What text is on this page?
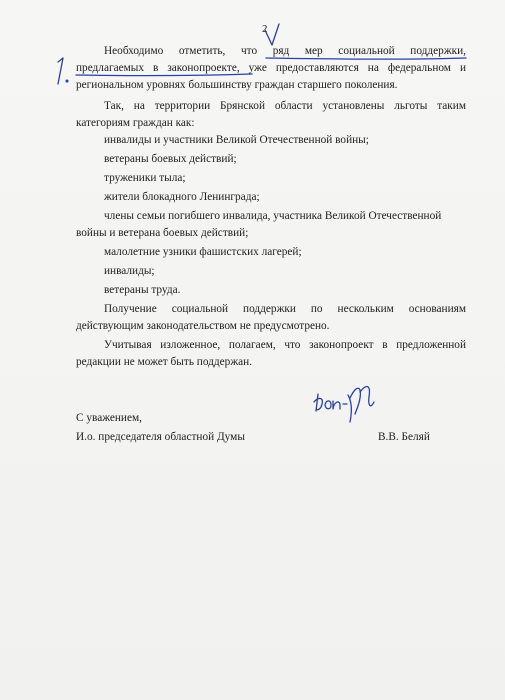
2
Необходимо отметить, что ряд мер социальной поддержки,
предлагаемых в законопроекте, уже предоставляются на федеральном и
региональном уровнях большинству граждан старшего поколения.
Так, на территории Брянской области установлены льготы таким
категориям граждан как:
инвалиды и участники Великой Отечественной войны;
ветераны боевых действий;
труженики тыла;
жители блокадного Ленинграда;
члены семьи погибшего инвалида, участника Великой Отечественной
войны и ветерана боевых действий;
малолетние узники фашистских лагерей;
инвалиды;
ветераны труда.
Получение социальной поддержки по нескольким основаниям
действующим законодательством не предусмотрено.
Учитывая изложенное, полагаем, что законопроект в предложенной
редакции не может быть поддержан.
С уважением,
И.о. председателя областной Думы	В.В. Беляй
